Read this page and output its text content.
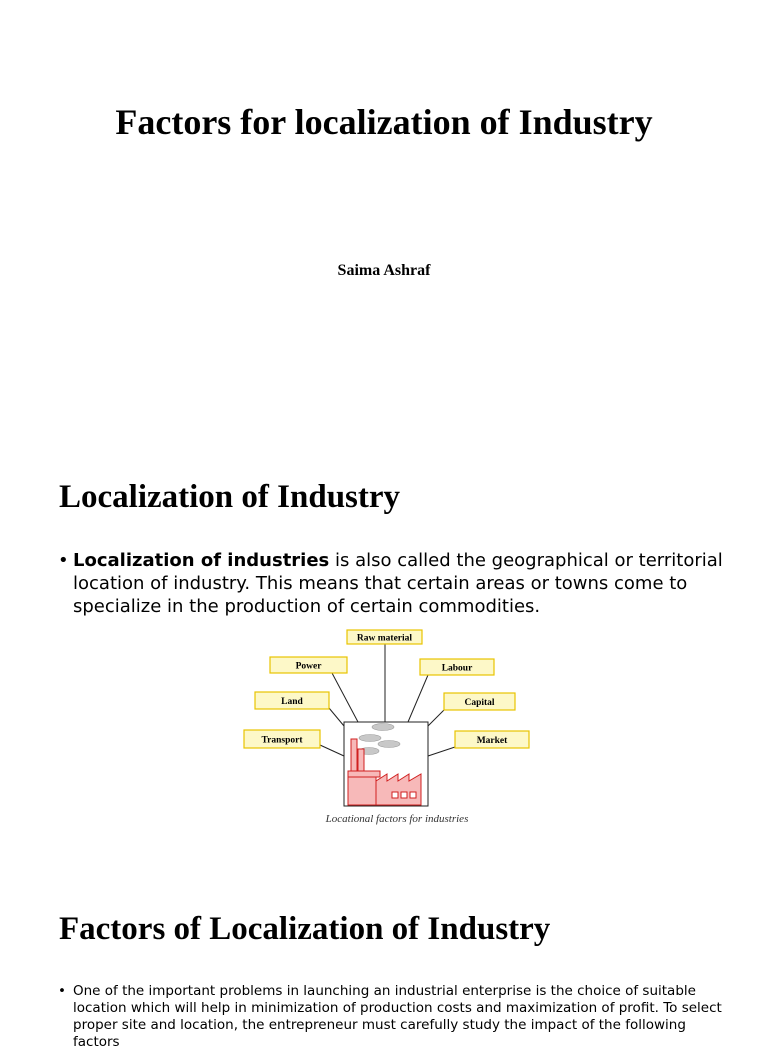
Factors for localization of Industry
Saima Ashraf
Localization of Industry
• Localization of industries is also called the geographical or territorial location of industry. This means that certain areas or towns come to specialize in the production of certain commodities.
Raw material
Power	Labour
Land	Capital
Transport	Market
Locational factors for industries
Factors of Localization of Industry
• One of the important problems in launching an industrial enterprise is the choice of suitable location which will help in minimization of production costs and maximization of profit. To select proper site and location, the entrepreneur must carefully study the impact of the following factors
